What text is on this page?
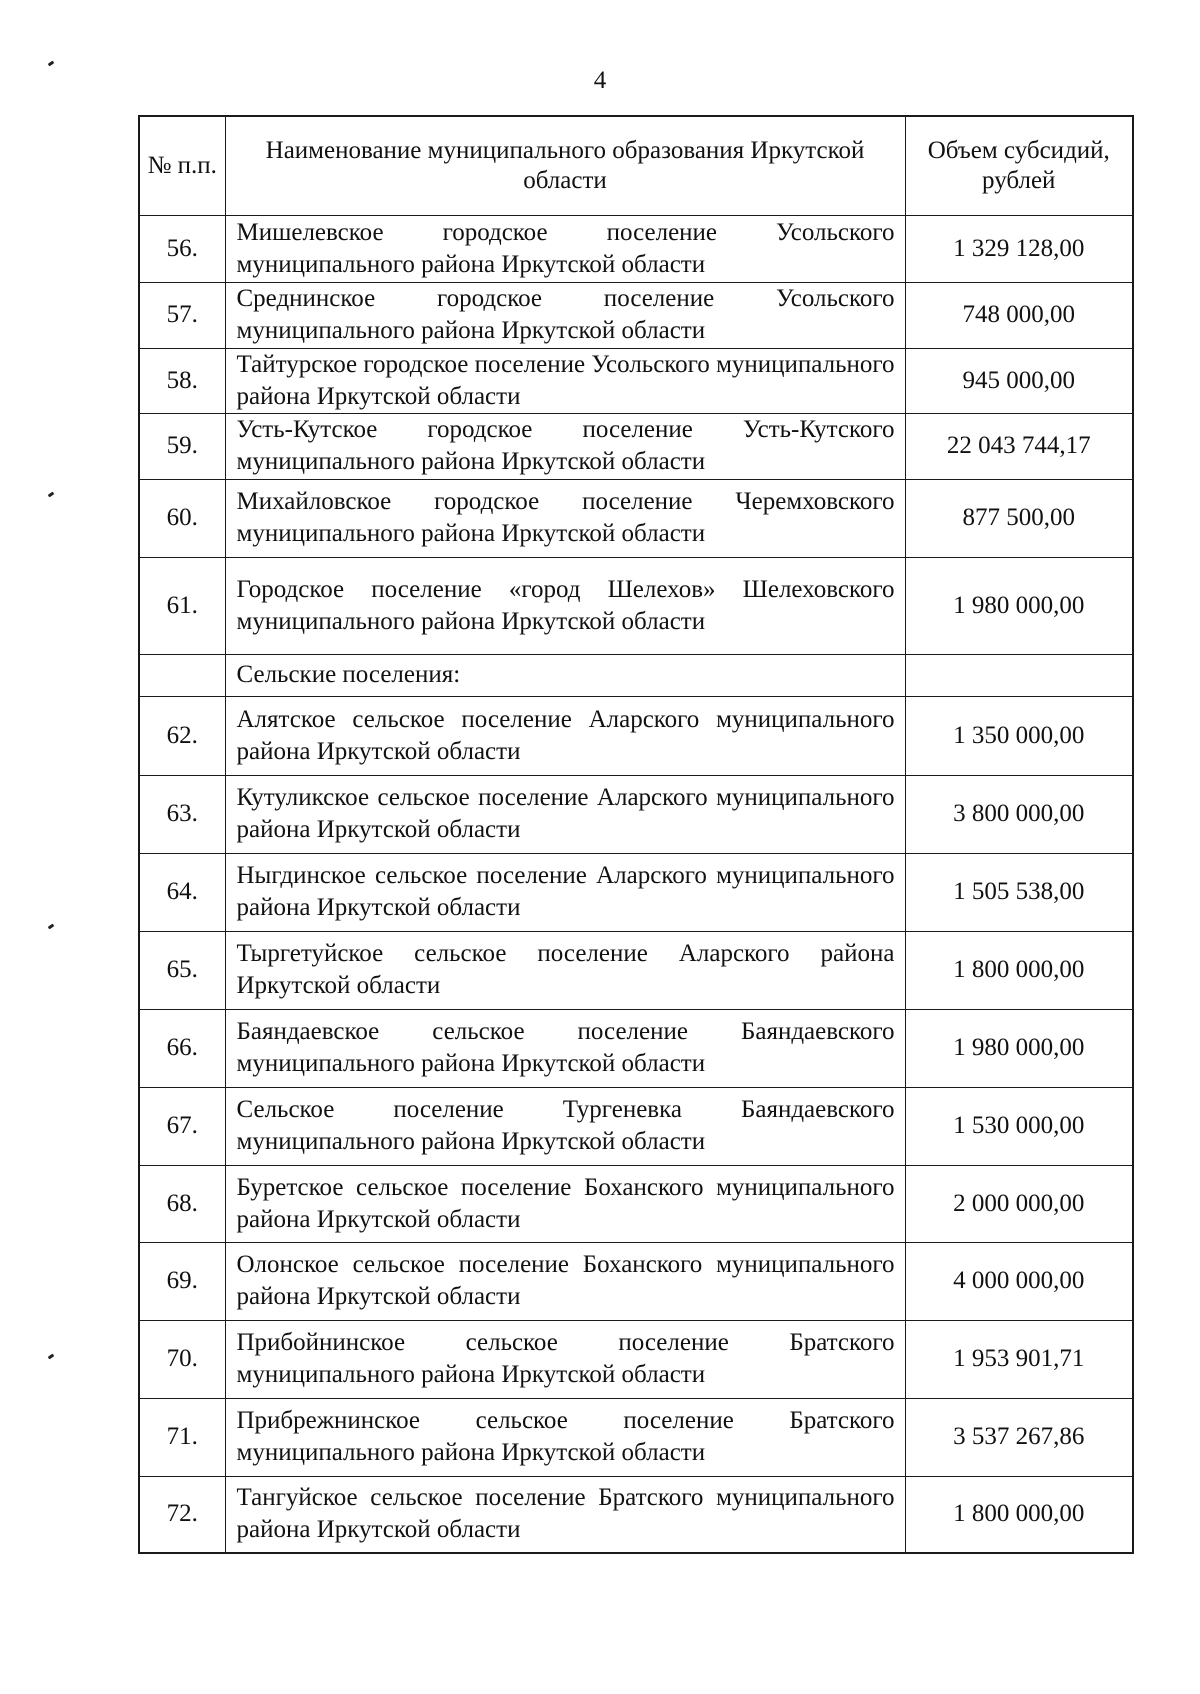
4
№ п.п.	Наименование муниципального образования Иркутской области	Объем субсидий, рублей
56.	Мишелевское городское поселение Усольского муниципального района Иркутской области	1 329 128,00
57.	Среднинское городское поселение Усольского муниципального района Иркутской области	748 000,00
58.	Тайтурское городское поселение Усольского муниципального района Иркутской области	945 000,00
59.	Усть-Кутское городское поселение Усть-Кутского муниципального района Иркутской области	22 043 744,17
60.	Михайловское городское поселение Черемховского муниципального района Иркутской области	877 500,00
61.	Городское поселение «город Шелехов» Шелеховского муниципального района Иркутской области	1 980 000,00
	Сельские поселения:	
62.	Алятское сельское поселение Аларского муниципального района Иркутской области	1 350 000,00
63.	Кутуликское сельское поселение Аларского муниципального района Иркутской области	3 800 000,00
64.	Ныгдинское сельское поселение Аларского муниципального района Иркутской области	1 505 538,00
65.	Тыргетуйское сельское поселение Аларского района Иркутской области	1 800 000,00
66.	Баяндаевское сельское поселение Баяндаевского муниципального района Иркутской области	1 980 000,00
67.	Сельское поселение Тургеневка Баяндаевского муниципального района Иркутской области	1 530 000,00
68.	Буретское сельское поселение Боханского муниципального района Иркутской области	2 000 000,00
69.	Олонское сельское поселение Боханского муниципального района Иркутской области	4 000 000,00
70.	Прибойнинское сельское поселение Братского муниципального района Иркутской области	1 953 901,71
71.	Прибрежнинское сельское поселение Братского муниципального района Иркутской области	3 537 267,86
72.	Тангуйское сельское поселение Братского муниципального района Иркутской области	1 800 000,00
